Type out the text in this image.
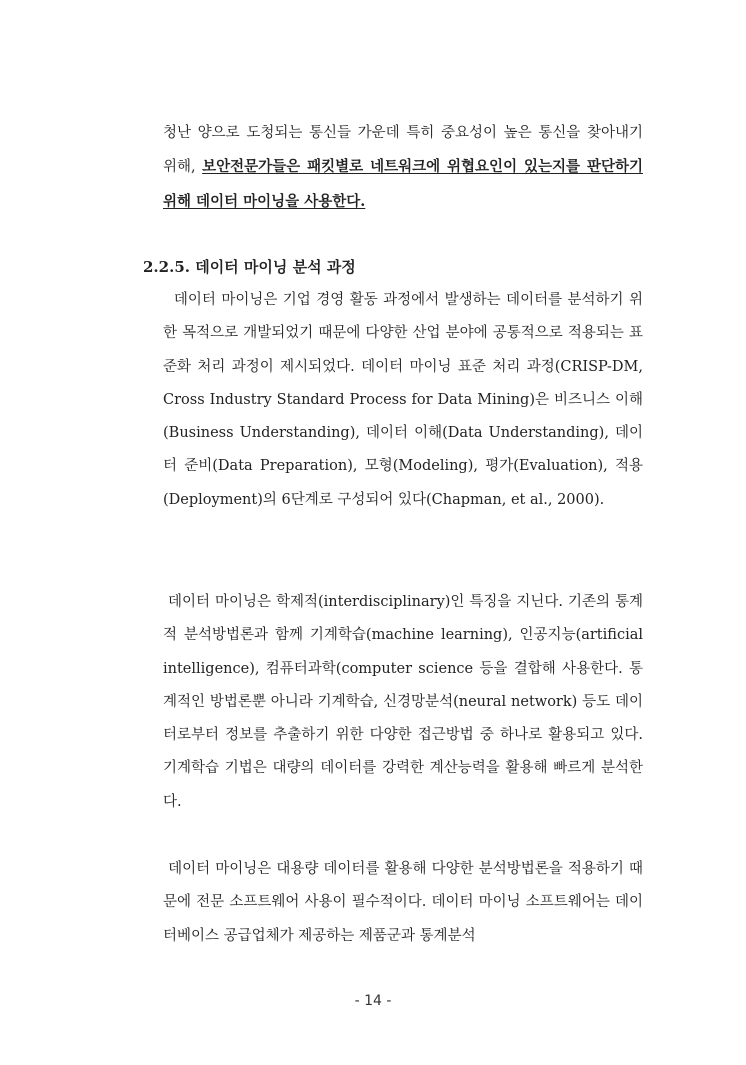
청난 양으로 도청되는 통신들 가운데 특히 중요성이 높은 통신을 찾아내기 위해, 보안전문가들은 패킷별로 네트워크에 위협요인이 있는지를 판단하기 위해 데이터 마이닝을 사용한다.
2.2.5. 데이터 마이닝 분석 과정
데이터 마이닝은 기업 경영 활동 과정에서 발생하는 데이터를 분석하기 위한 목적으로 개발되었기 때문에 다양한 산업 분야에 공통적으로 적용되는 표준화 처리 과정이 제시되었다. 데이터 마이닝 표준 처리 과정(CRISP-DM, Cross Industry Standard Process for Data Mining)은 비즈니스 이해(Business Understanding), 데이터 이해(Data Understanding), 데이터 준비(Data Preparation), 모형(Modeling), 평가(Evaluation), 적용(Deployment)의 6단계로 구성되어 있다(Chapman, et al., 2000).
데이터 마이닝은 학제적(interdisciplinary)인 특징을 지닌다. 기존의 통계적 분석방법론과 함께 기계학습(machine learning), 인공지능(artificial intelligence), 컴퓨터과학(computer science 등을 결합해 사용한다. 통계적인 방법론뿐 아니라 기계학습, 신경망분석(neural network) 등도 데이터로부터 정보를 추출하기 위한 다양한 접근방법 중 하나로 활용되고 있다. 기계학습 기법은 대량의 데이터를 강력한 계산능력을 활용해 빠르게 분석한다.
데이터 마이닝은 대용량 데이터를 활용해 다양한 분석방법론을 적용하기 때문에 전문 소프트웨어 사용이 필수적이다. 데이터 마이닝 소프트웨어는 데이터베이스 공급업체가 제공하는 제품군과 통계분석
- 14 -
